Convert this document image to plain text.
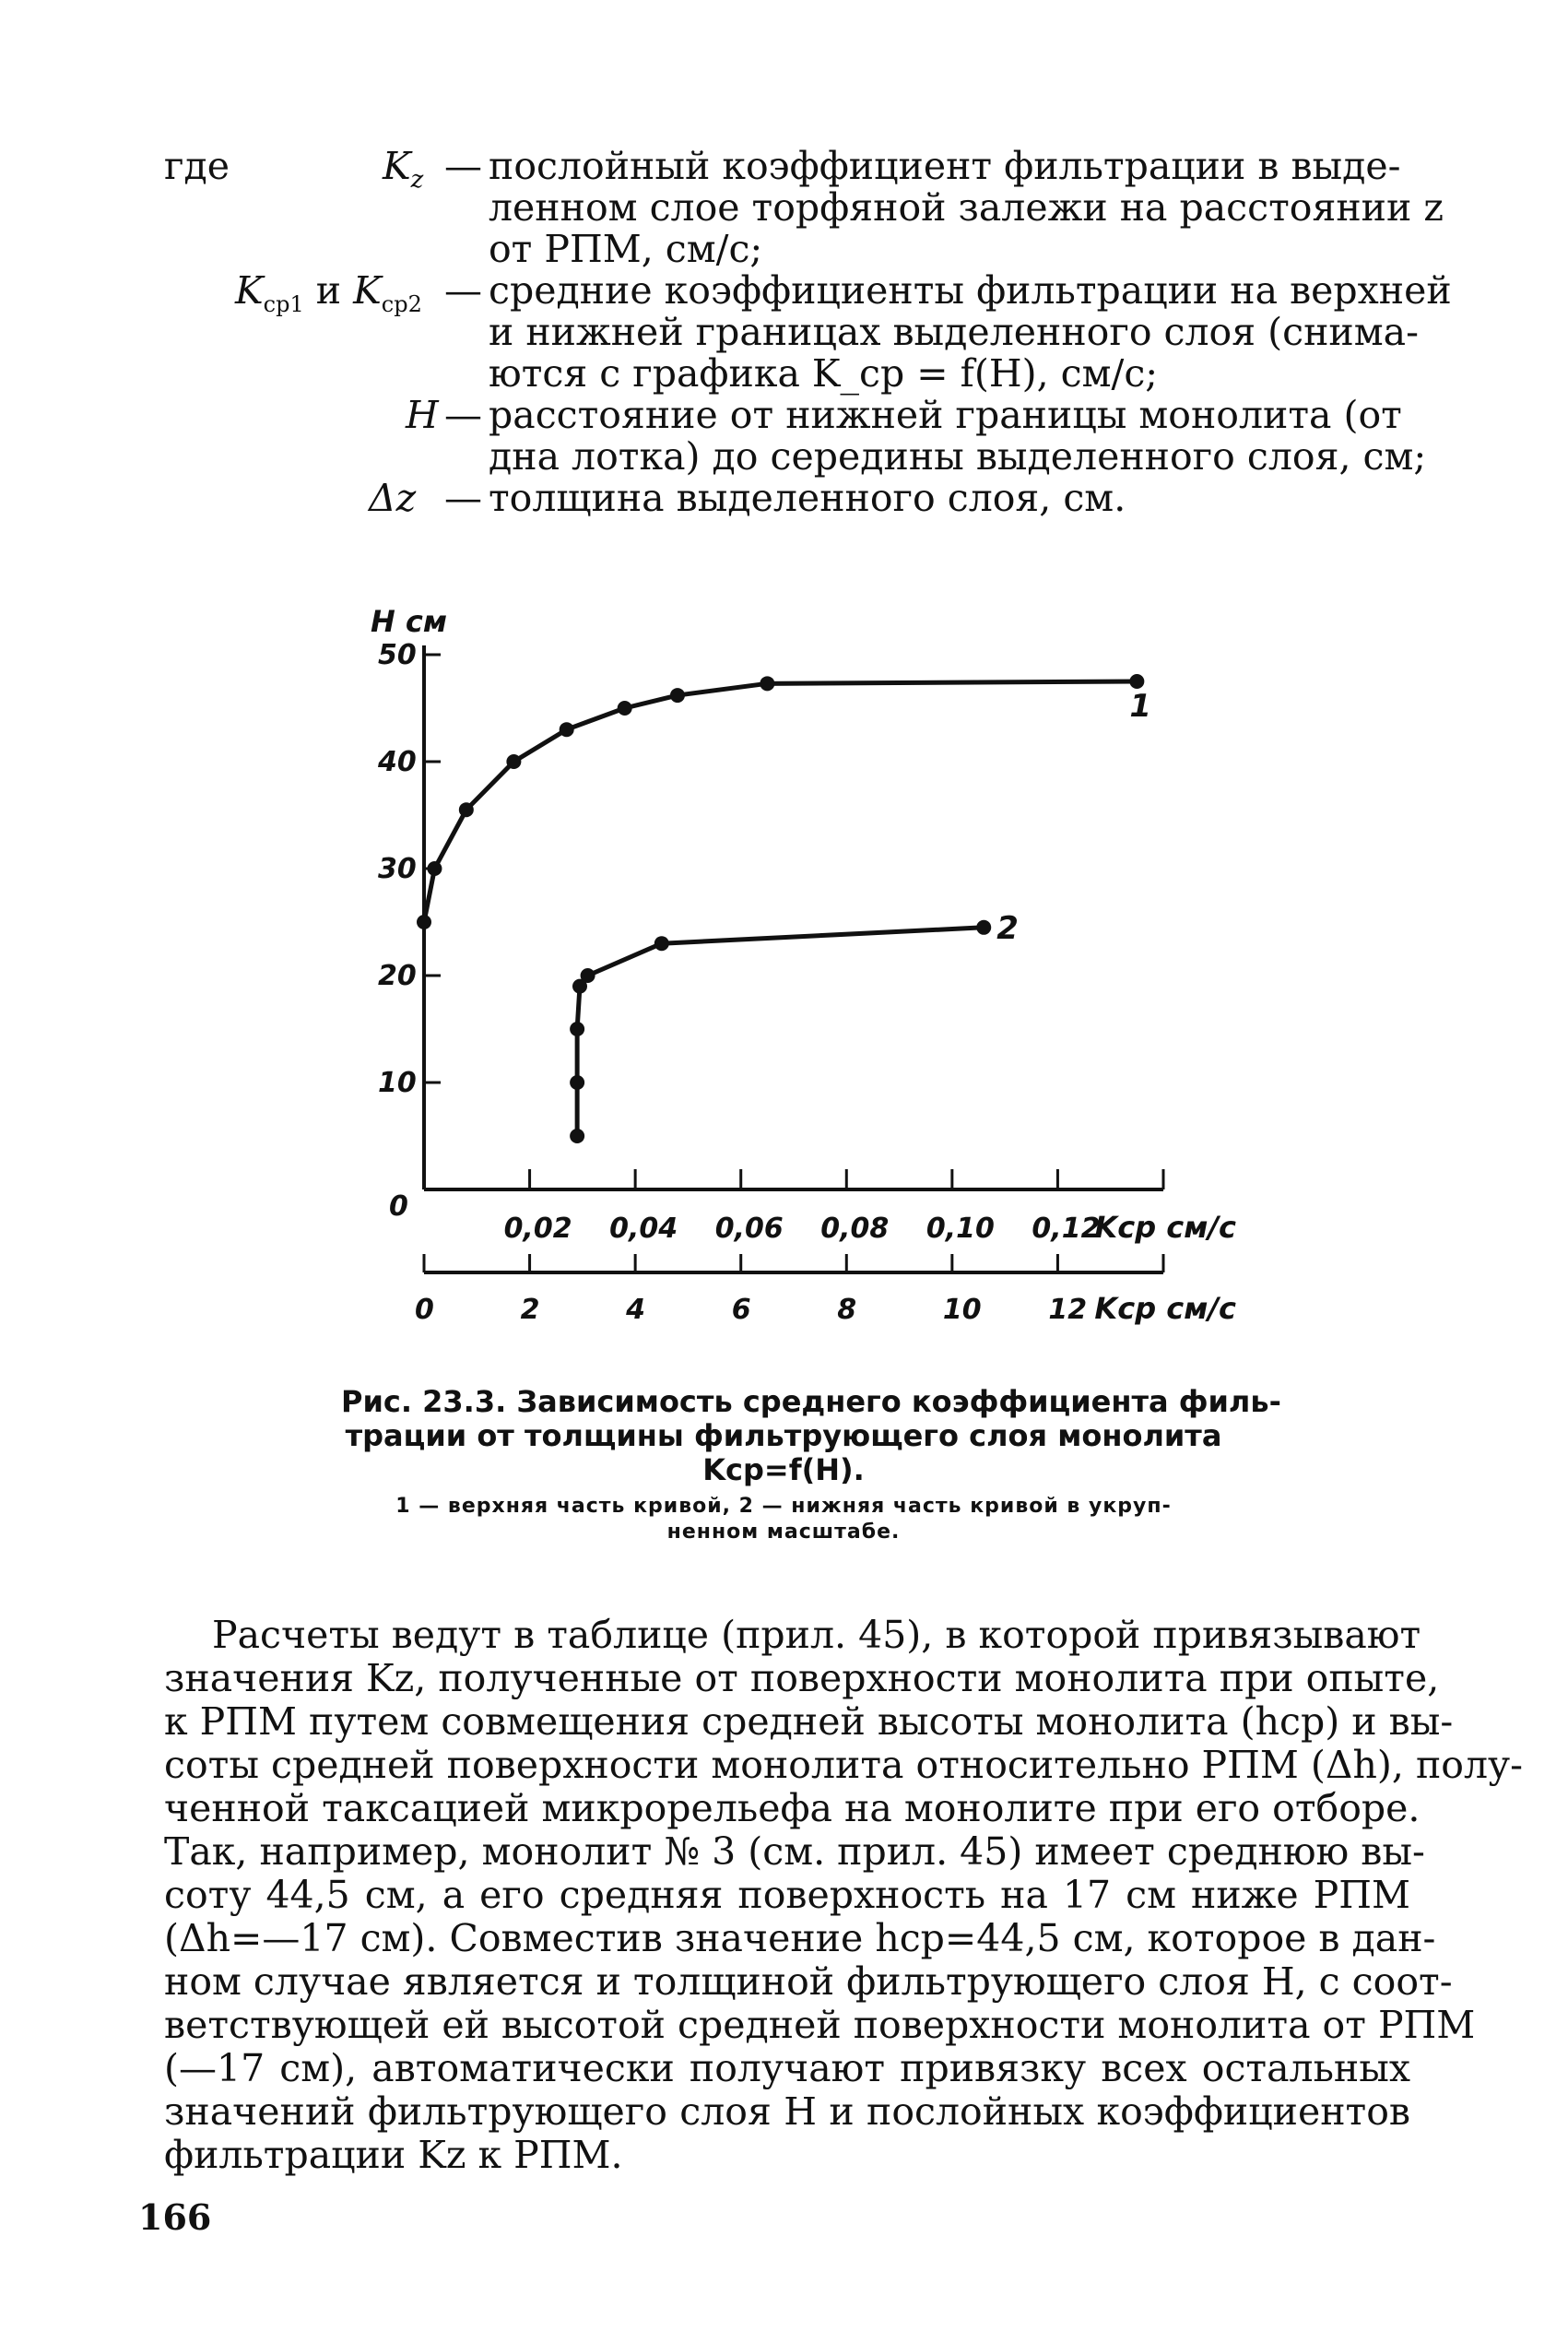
где	$K_z$ — послойный коэффициент фильтрации в выде-
ленном слое торфяной залежи на расстоянии z
от РПМ, см/с;
$K_{ср1}$ и $K_{ср2}$ — средние коэффициенты фильтрации на верхней
и нижней границах выделенного слоя (снима-
ются с графика K_ср = f(H), см/с;
H — расстояние от нижней границы монолита (от
дна лотка) до середины выделенного слоя, см;
Δz — толщина выделенного слоя, см.
50
40
30
20
10
0
H см
0,02 0,04 0,06 0,08 0,10 0,12
Kср см/с
0	2	4	6	8	10 12 Kср см/с
1
2
Рис. 23.3. Зависимость среднего коэффициента филь-
трации от толщины фильтрующего слоя монолита
Kср=f(H).
1 — верхняя часть кривой, 2 — нижняя часть кривой в укруп-
ненном масштабе.
Расчеты ведут в таблице (прил. 45), в которой привязывают
значения Kz, полученные от поверхности монолита при опыте,
к РПМ путем совмещения средней высоты монолита (hср) и вы-
соты средней поверхности монолита относительно РПМ (Δh), полу-
ченной таксацией микрорельефа на монолите при его отборе.
Так, например, монолит № 3 (см. прил. 45) имеет среднюю вы-
соту 44,5 см, а его средняя поверхность на 17 см ниже РПМ
(Δh=—17 см). Совместив значение hср=44,5 см, которое в дан-
ном случае является и толщиной фильтрующего слоя H, с соот-
ветствующей ей высотой средней поверхности монолита от РПМ
(—17 см), автоматически получают привязку всех остальных
значений фильтрующего слоя H и послойных коэффициентов
фильтрации Kz к РПМ.
166
